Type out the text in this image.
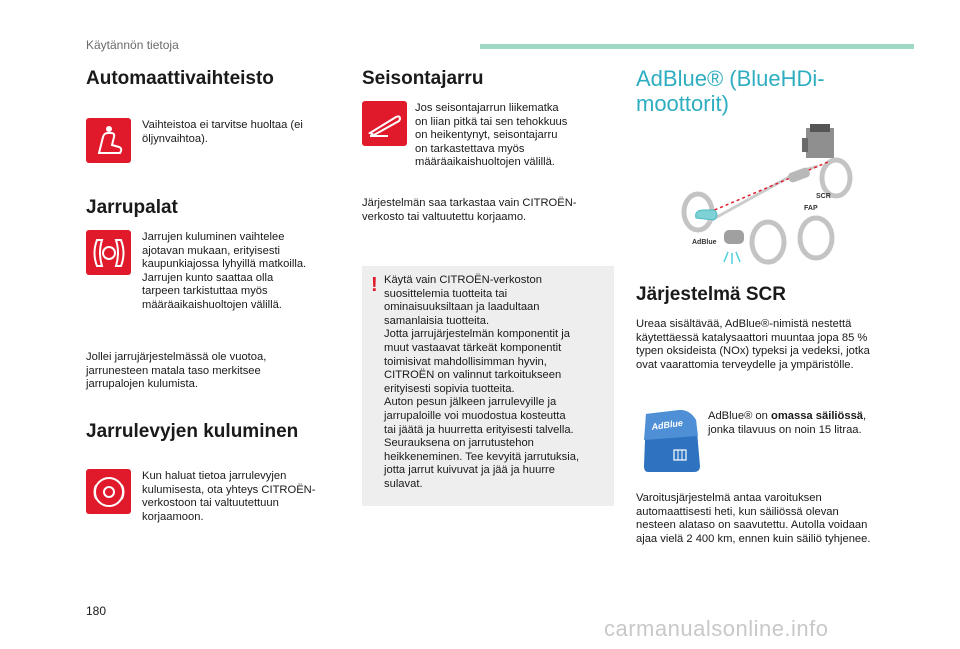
Käytännön tietoja
Automaattivaihteisto
Vaihteistoa ei tarvitse huoltaa (ei
öljynvaihtoa).
Jarrupalat
Jarrujen kuluminen vaihtelee
ajotavan mukaan, erityisesti
kaupunkiajossa lyhyillä matkoilla.
Jarrujen kunto saattaa olla
tarpeen tarkistuttaa myös
määräaikaishuoltojen välillä.
Jollei jarrujärjestelmässä ole vuotoa,
jarrunesteen matala taso merkitsee
jarrupalojen kulumista.
Jarrulevyjen kuluminen
Kun haluat tietoa jarrulevyjen
kulumisesta, ota yhteys CITROËN-
verkostoon tai valtuutettuun
korjaamoon.
Seisontajarru
Jos seisontajarrun liikematka
on liian pitkä tai sen tehokkuus
on heikentynyt, seisontajarru
on tarkastettava myös
määräaikaishuoltojen välillä.
Järjestelmän saa tarkastaa vain CITROËN-
verkosto tai valtuutettu korjaamo.
! Käytä vain CITROËN-verkoston
suosittelemia tuotteita tai
ominaisuuksiltaan ja laadultaan
samanlaisia tuotteita.
Jotta jarrujärjestelmän komponentit ja
muut vastaavat tärkeät komponentit
toimisivat mahdollisimman hyvin,
CITROËN on valinnut tarkoitukseen
erityisesti sopivia tuotteita.
Auton pesun jälkeen jarrulevyille ja
jarrupaloille voi muodostua kosteutta
tai jäätä ja huurretta erityisesti talvella.
Seurauksena on jarrutustehon
heikkeneminen. Tee kevyitä jarrutuksia,
jotta jarrut kuivuvat ja jää ja huurre
sulavat.
AdBlue® (BlueHDi-
moottorit)
SCR
FAP
AdBlue
Järjestelmä SCR
Ureaa sisältävää, AdBlue®-nimistä nestettä
käytettäessä katalysaattori muuntaa jopa 85 %
typen oksideista (NOx) typeksi ja vedeksi, jotka
ovat vaarattomia terveydelle ja ympäristölle.
AdBlue
AdBlue® on omassa säiliössä,
jonka tilavuus on noin 15 litraa.
Varoitusjärjestelmä antaa varoituksen
automaattisesti heti, kun säiliössä olevan
nesteen alataso on saavutettu. Autolla voidaan
ajaa vielä 2 400 km, ennen kuin säiliö tyhjenee.
180
carmanualsonline.info
